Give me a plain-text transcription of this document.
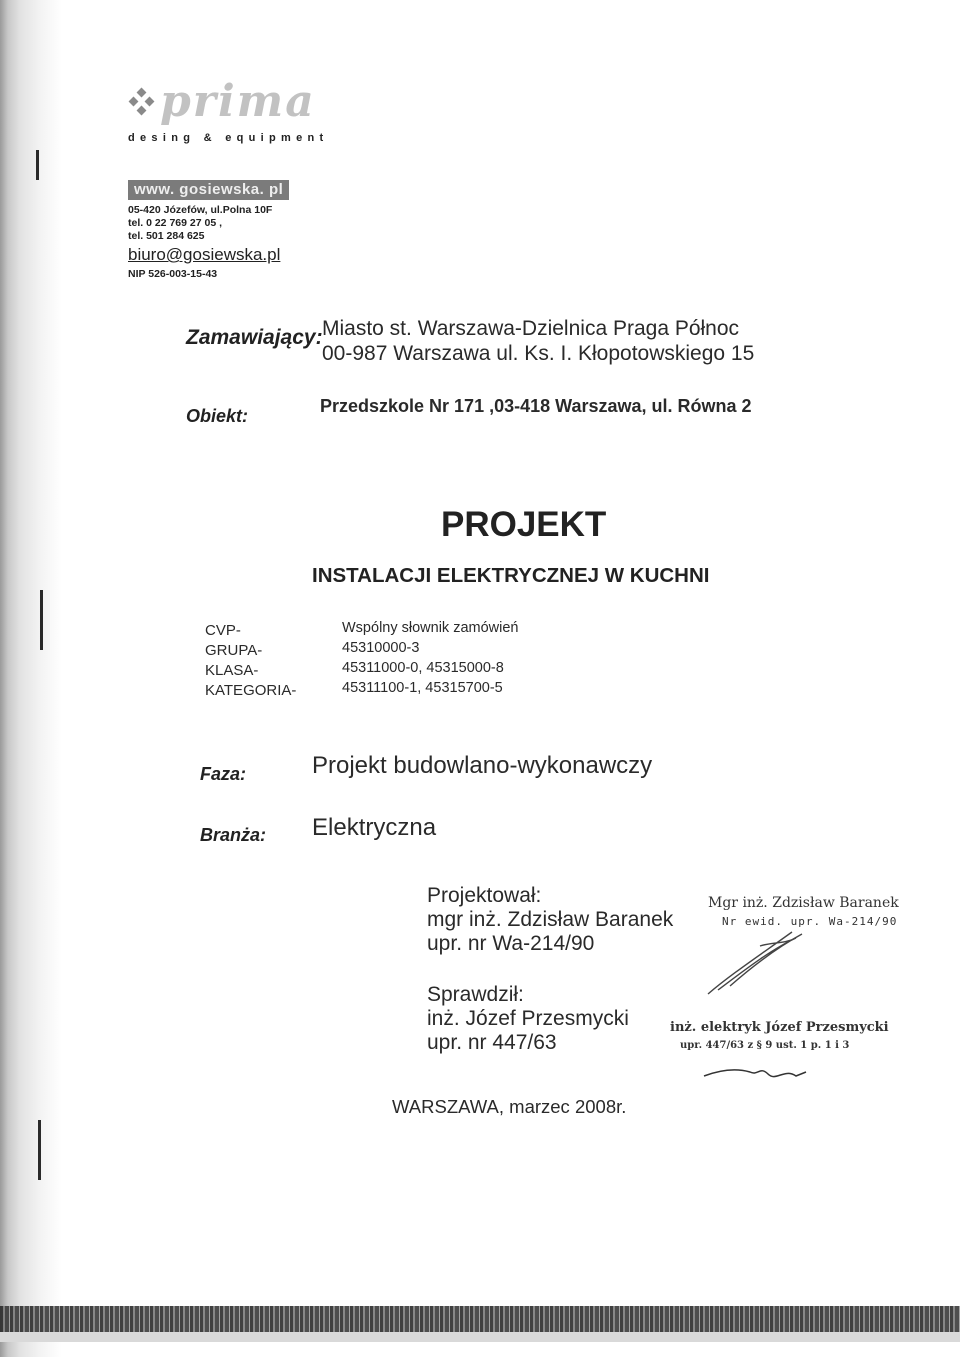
prima
desing & equipment
www. gosiewska. pl
05-420 Józefów, ul.Polna 10F
tel. 0 22 769 27 05 ,
tel. 501 284 625
biuro@gosiewska.pl
NIP 526-003-15-43
Zamawiający: Miasto st. Warszawa-Dzielnica Praga Północ
00-987 Warszawa ul. Ks. I. Kłopotowskiego 15
Obiekt:	Przedszkole Nr 171 ,03-418 Warszawa, ul. Równa 2
PROJEKT
INSTALACJI ELEKTRYCZNEJ W KUCHNI
CVP-
GRUPA-
KLASA-
KATEGORIA-
Wspólny słownik zamówień
45310000-3
45311000-0, 45315000-8
45311100-1, 45315700-5
Faza:	Projekt budowlano-wykonawczy
Branża: Elektryczna
Projektował:
mgr inż. Zdzisław Baranek
upr. nr Wa-214/90
Mgr inż. Zdzisław Baranek
Nr ewid. upr. Wa-214/90
Sprawdził:
inż. Józef Przesmycki
upr. nr 447/63
inż. elektryk Józef Przesmycki
upr. 447/63 z § 9 ust. 1 p. 1 i 3
WARSZAWA, marzec 2008r.
